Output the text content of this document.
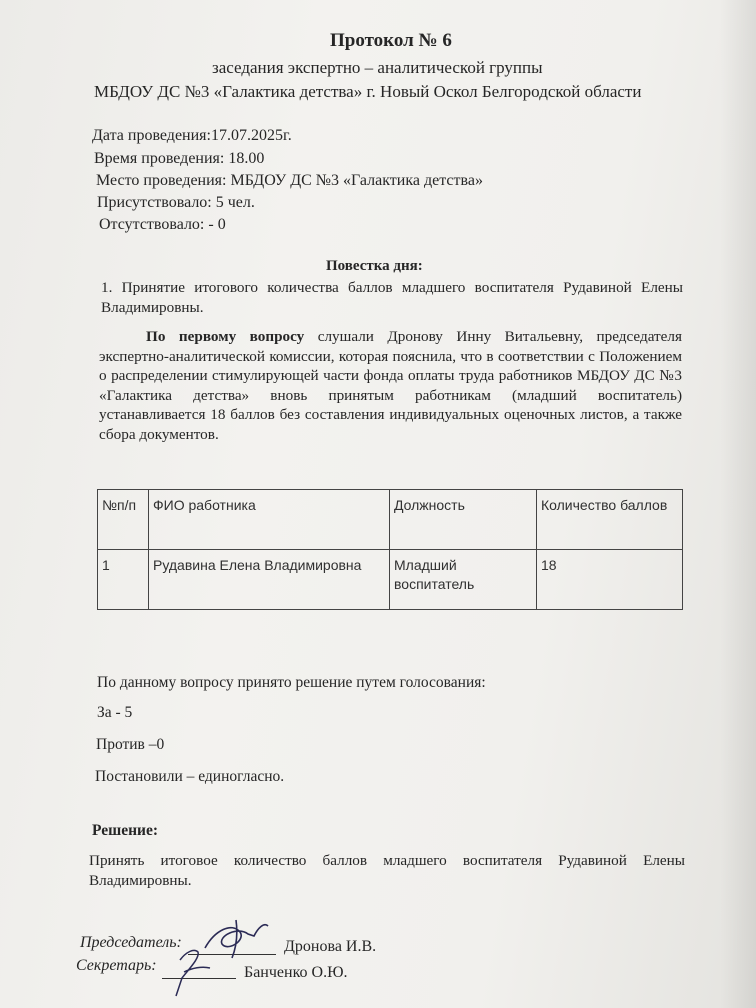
Протокол № 6
заседания экспертно – аналитической группы
МБДОУ ДС №3 «Галактика детства» г. Новый Оскол Белгородской области
Дата проведения:17.07.2025г.
Время проведения: 18.00
Место проведения: МБДОУ ДС №3 «Галактика детства»
Присутствовало: 5 чел.
Отсутствовало: - 0
Повестка дня:
1. Принятие итогового количества баллов младшего воспитателя Рудавиной Елены Владимировны.
По первому вопросу слушали Дронову Инну Витальевну, председателя экспертно-аналитической комиссии, которая пояснила, что в соответствии с Положением о распределении стимулирующей части фонда оплаты труда работников МБДОУ ДС №3 «Галактика детства» вновь принятым работникам (младший воспитатель) устанавливается 18 баллов без составления индивидуальных оценочных листов, а также сбора документов.
№п/п	ФИО работника	Должность	Количество баллов
1	Рудавина Елена Владимировна	Младший воспитатель	18
По данному вопросу принято решение путем голосования:
За - 5
Против –0
Постановили – единогласно.
Решение:
Принять итоговое количество баллов младшего воспитателя Рудавиной Елены Владимировны.
Председатель:	Дронова И.В.
Секретарь:	Банченко О.Ю.
